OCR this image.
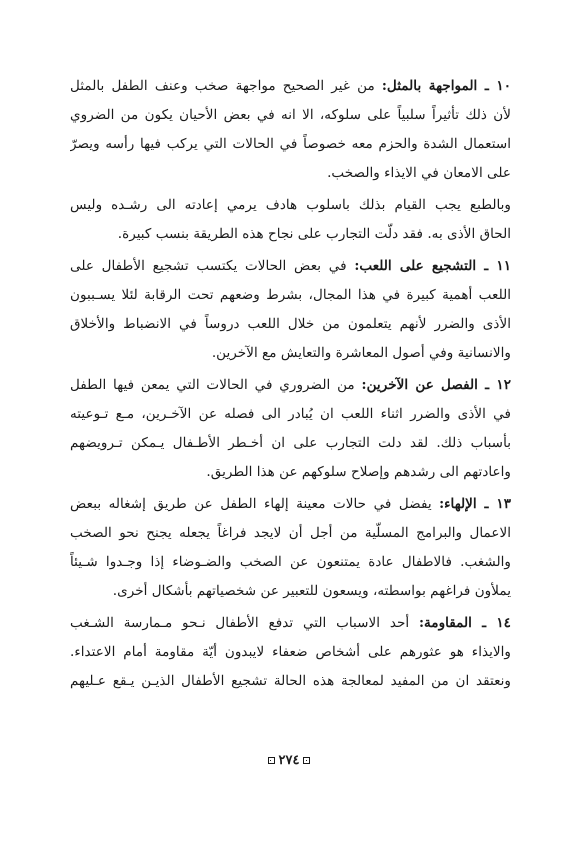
١٠ ـ المواجهة بالمثل: من غير الصحيح مواجهة صخب وعنف الطفل بالمثل
لأن ذلك تأثيراً سلبياً على سلوكه، الا انه في بعض الأحيان يكون من الضروي
استعمال الشدة والحزم معه خصوصاً في الحالات التي يركب فيها رأسه ويصرّ
على الامعان في الايذاء والصخب.
وبالطبع يجب القيام بذلك باسلوب هادف يرمي إعادته الى رشـده وليس
الحاق الأذى به. فقد دلّت التجارب على نجاح هذه الطريقة بنسب كبيرة.
١١ ـ التشجيع على اللعب: في بعض الحالات يكتسب تشجيع الأطفال على
اللعب أهمية كبيرة في هذا المجال، بشرط وضعهم تحت الرقابة لئلا يسـببون
الأذى والضرر لأنهم يتعلمون من خلال اللعب دروساً في الانضباط والأخلاق
والانسانية وفي أصول المعاشرة والتعايش مع الآخرين.
١٢ ـ الفصل عن الآخرين: من الضروري في الحالات التي يمعن فيها الطفل
في الأذى والضرر اثناء اللعب ان يُبادر الى فصله عن الآخـرين، مـع تـوعيته
بأسباب ذلك. لقد دلت التجارب على ان أخـطر الأطـفال يـمكن تـرويضهم
واعادتهم الى رشدهم وإصلاح سلوكهم عن هذا الطريق.
١٣ ـ الإلهاء: يفضل في حالات معينة إلهاء الطفل عن طريق إشغاله ببعض
الاعمال والبرامج المسلّية من أجل أن لايجد فراغاً يجعله يجنح نحو الصخب
والشغب. فالاطفال عادة يمتنعون عن الصخب والضـوضاء إذا وجـدوا شـيئاً
يملأون فراغهم بواسطته، ويسعون للتعبير عن شخصياتهم بأشكال أخرى.
١٤ ـ المقاومة: أحد الاسباب التي تدفع الأطفال نـحو مـمارسة الشـغب
والايذاء هو عثورهم على أشخاص ضعفاء لايبدون أيّة مقاومة أمام الاعتداء.
ونعتقد ان من المفيد لمعالجة هذه الحالة تشجيع الأطفال الذيـن يـقع عـليهم
٢٧٤
